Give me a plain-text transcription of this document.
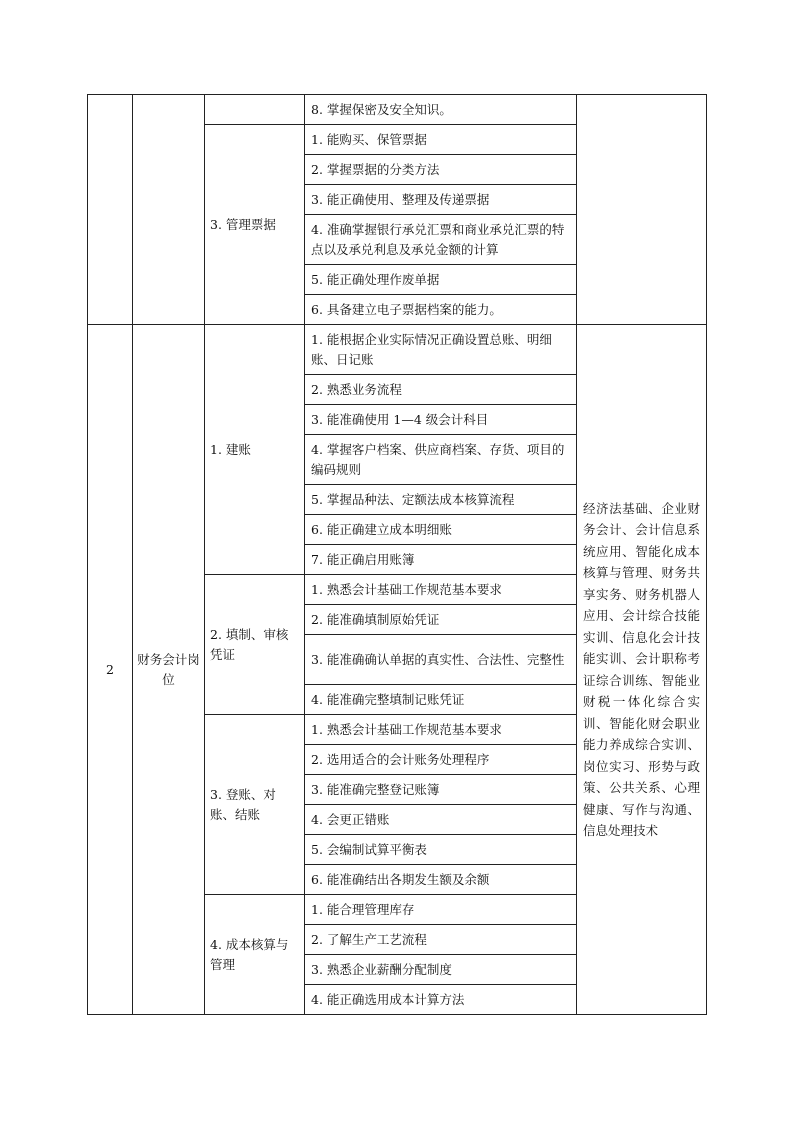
			8. 掌握保密及安全知识。	
		3. 管理票据	1. 能购买、保管票据	
			2. 掌握票据的分类方法	
			3. 能正确使用、整理及传递票据	
			4. 准确掌握银行承兑汇票和商业承兑汇票的特点以及承兑利息及承兑金额的计算	
			5. 能正确处理作废单据	
			6. 具备建立电子票据档案的能力。	
2	财务会计岗位	1. 建账	1. 能根据企业实际情况正确设置总账、明细账、日记账	经济法基础、企业财务会计、会计信息系统应用、智能化成本核算与管理、财务共享实务、财务机器人应用、会计综合技能实训、信息化会计技能实训、会计职称考证综合训练、智能业财税一体化综合实训、智能化财会职业能力养成综合实训、岗位实习、形势与政策、公共关系、心理健康、写作与沟通、信息处理技术
			2. 熟悉业务流程	
			3. 能准确使用 1—4 级会计科目	
			4. 掌握客户档案、供应商档案、存货、项目的编码规则	
			5. 掌握品种法、定额法成本核算流程	
			6. 能正确建立成本明细账	
			7. 能正确启用账簿	
		2. 填制、审核凭证	1. 熟悉会计基础工作规范基本要求	
			2. 能准确填制原始凭证	
			3. 能准确确认单据的真实性、合法性、完整性	
			4. 能准确完整填制记账凭证	
		3. 登账、对账、结账	1. 熟悉会计基础工作规范基本要求	
			2. 选用适合的会计账务处理程序	
			3. 能准确完整登记账簿	
			4. 会更正错账	
			5. 会编制试算平衡表	
			6. 能准确结出各期发生额及余额	
		4. 成本核算与管理	1. 能合理管理库存	
			2. 了解生产工艺流程	
			3. 熟悉企业薪酬分配制度	
			4. 能正确选用成本计算方法	
